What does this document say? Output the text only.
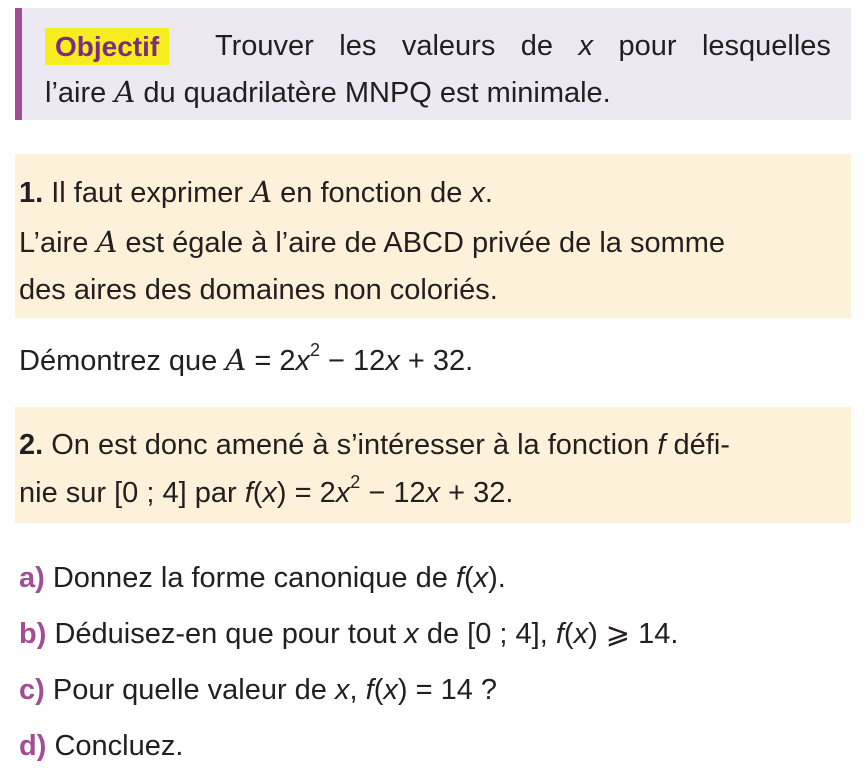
Objectif	Trouver les valeurs de x pour lesquelles
l’aire A du quadrilatère MNPQ est minimale.
1. Il faut exprimer A en fonction de x.
L’aire A est égale à l’aire de ABCD privée de la somme
des aires des domaines non coloriés.
Démontrez que $A = 2x^2 - 12x + 32$.
2. On est donc amené à s’intéresser à la fonction f défi-
nie sur [0 ; 4] par $f(x) = 2x^2 - 12x + 32$.
a) Donnez la forme canonique de f(x).
b) Déduisez-en que pour tout x de [0 ; 4], f(x) ⩾ 14.
c) Pour quelle valeur de x, f(x) = 14 ?
d) Concluez.
